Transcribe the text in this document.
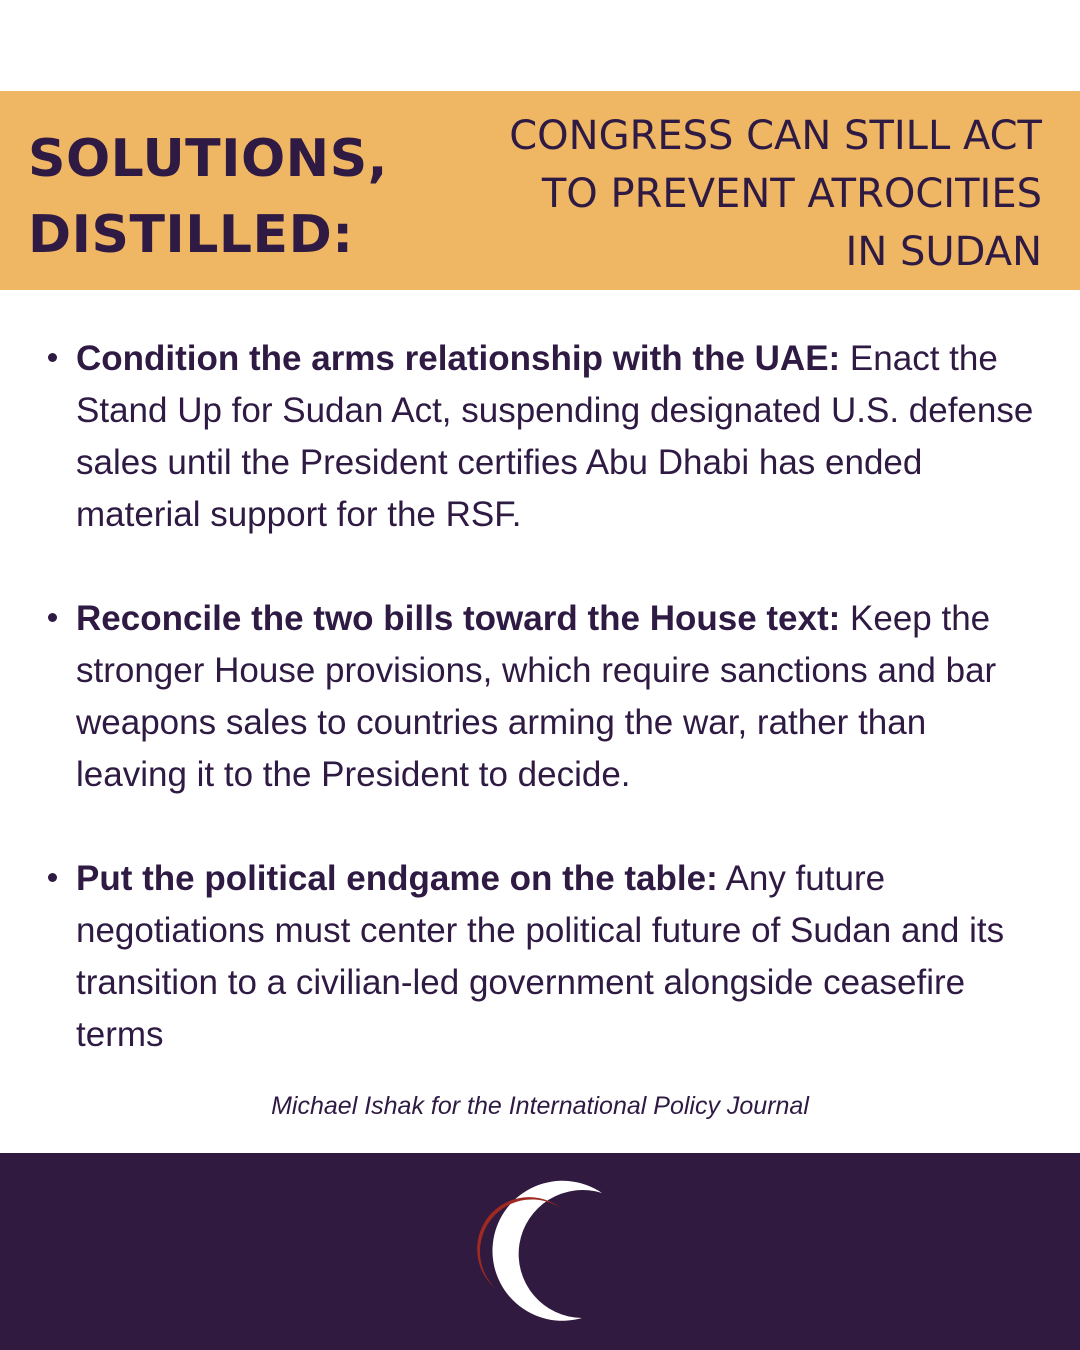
SOLUTIONS,
DISTILLED:
CONGRESS CAN STILL ACT
TO PREVENT ATROCITIES
IN SUDAN
Condition the arms relationship with the UAE: Enact the Stand Up for Sudan Act, suspending designated U.S. defense sales until the President certifies Abu Dhabi has ended material support for the RSF.
Reconcile the two bills toward the House text: Keep the stronger House provisions, which require sanctions and bar weapons sales to countries arming the war, rather than leaving it to the President to decide.
Put the political endgame on the table: Any future negotiations must center the political future of Sudan and its transition to a civilian-led government alongside ceasefire terms
Michael Ishak for the International Policy Journal
